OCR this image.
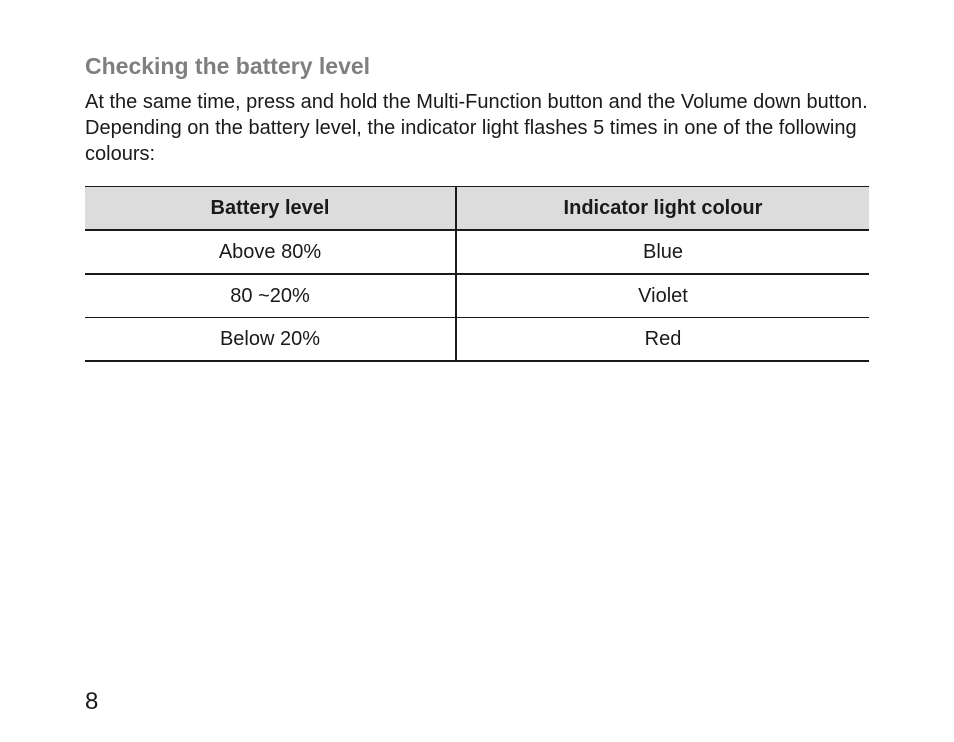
Checking the battery level

At the same time, press and hold the Multi-Function button and the Volume down button. Depending on the battery level, the indicator light flashes 5 times in one of the following colours:

Battery level	Indicator light colour
Above 80%	Blue
80 ~20%	Violet
Below 20%	Red
8
